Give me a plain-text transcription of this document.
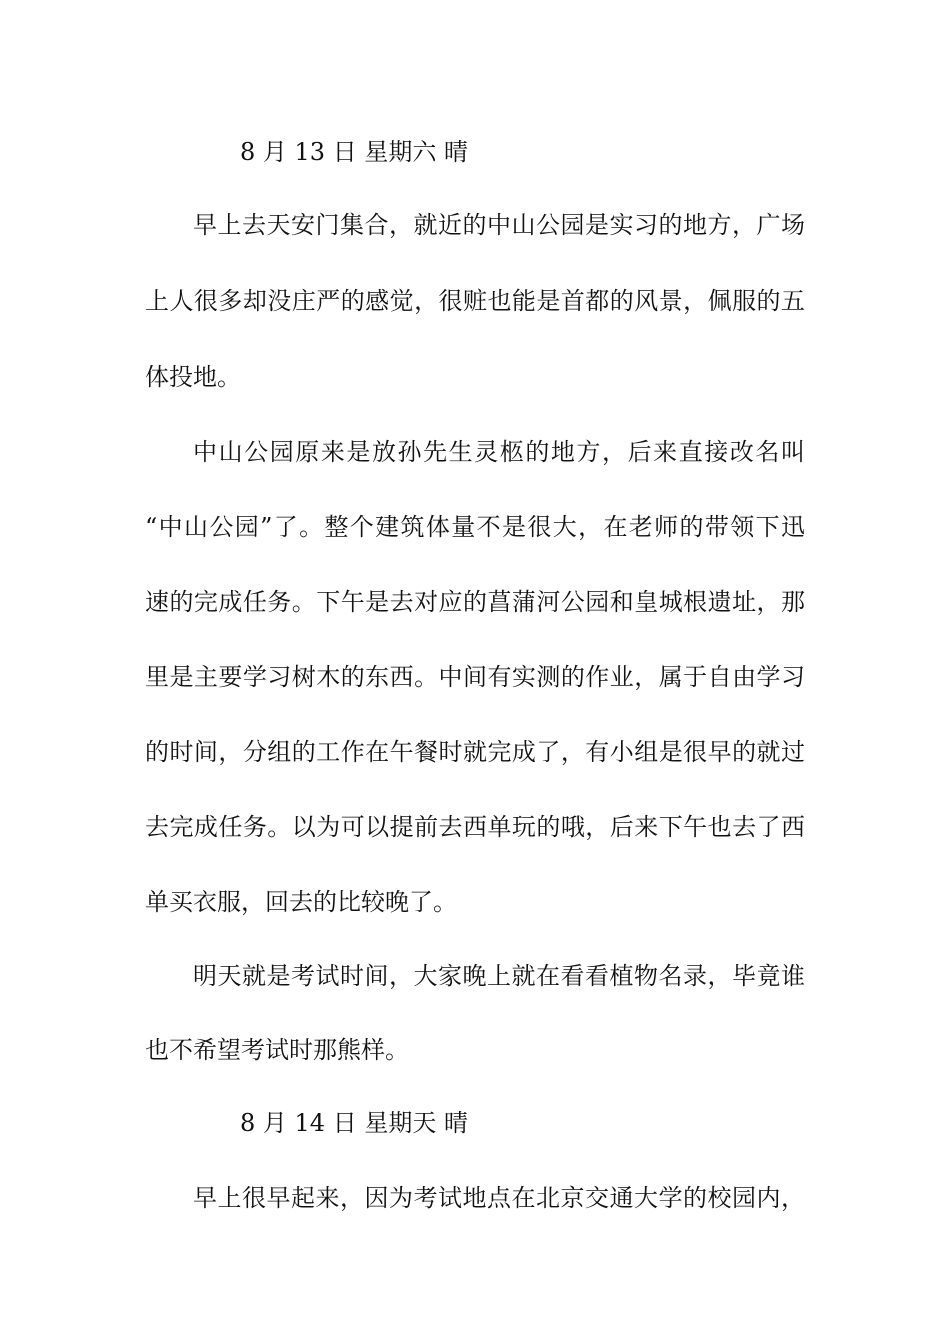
8 月 13 日 星期六 晴
早上去天安门集合，就近的中山公园是实习的地方，广场
上人很多却没庄严的感觉，很赃也能是首都的风景，佩服的五
体投地。
中山公园原来是放孙先生灵柩的地方，后来直接改名叫
“中山公园”了。整个建筑体量不是很大，在老师的带领下迅
速的完成任务。下午是去对应的菖蒲河公园和皇城根遗址，那
里是主要学习树木的东西。中间有实测的作业，属于自由学习
的时间，分组的工作在午餐时就完成了，有小组是很早的就过
去完成任务。以为可以提前去西单玩的哦，后来下午也去了西
单买衣服，回去的比较晚了。
明天就是考试时间，大家晚上就在看看植物名录，毕竟谁
也不希望考试时那熊样。
8 月 14 日 星期天 晴
早上很早起来，因为考试地点在北京交通大学的校园内，
